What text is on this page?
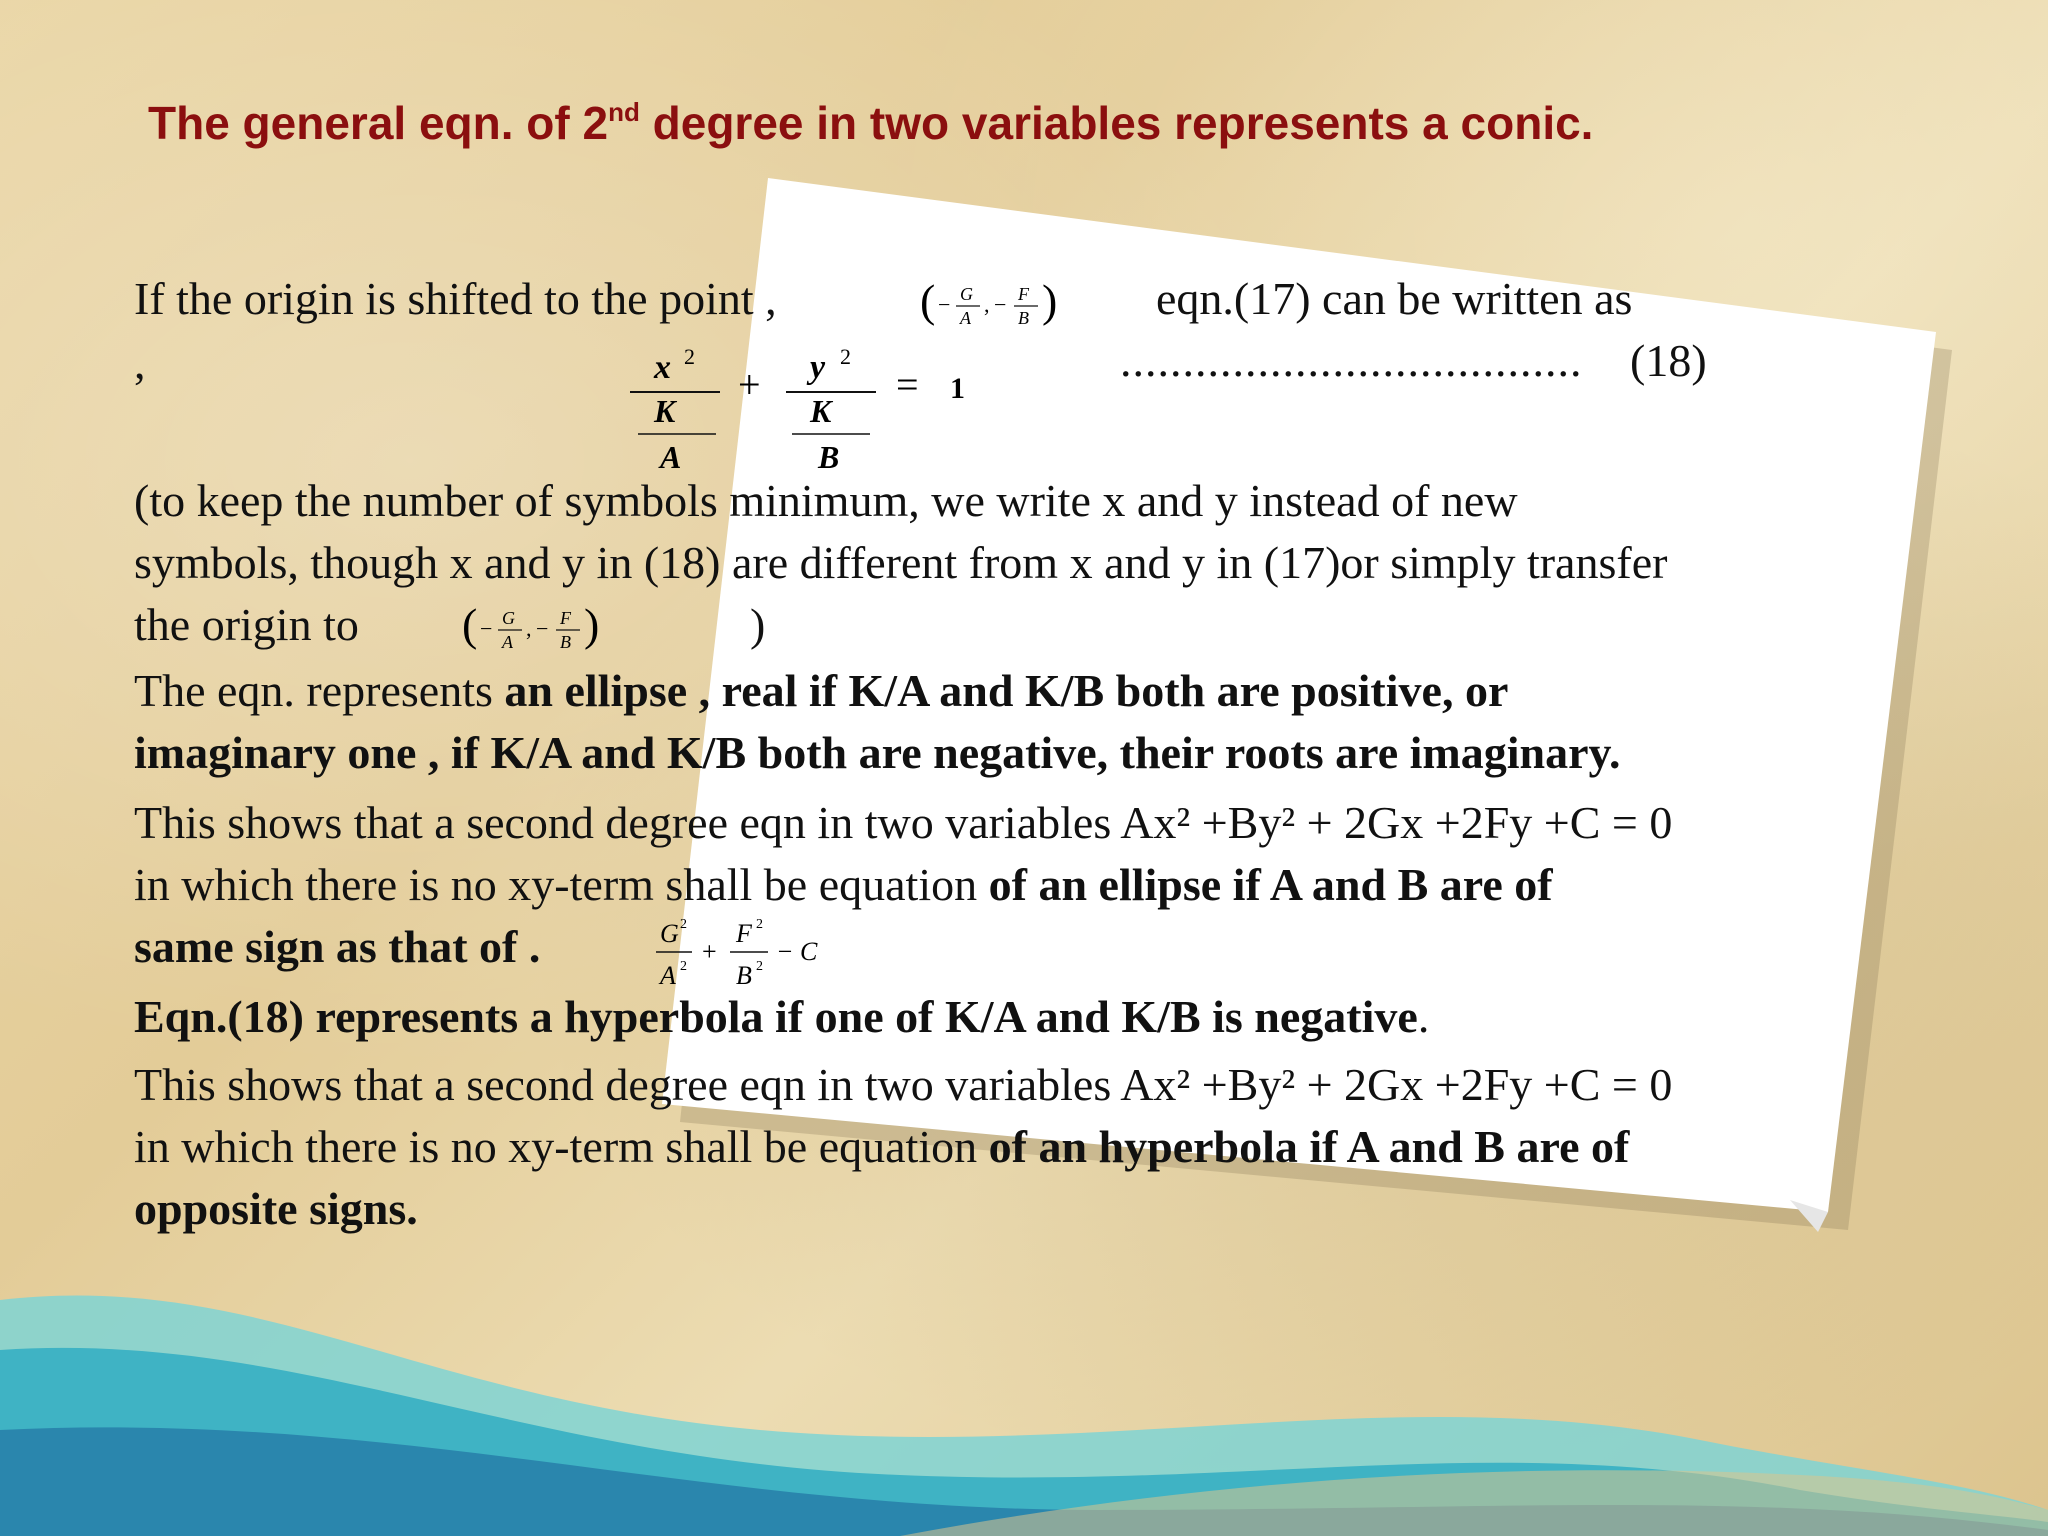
The general eqn. of 2nd degree in two variables represents a conic.
If the origin is shifted to the point ,	( − G
A
, − F
B ) eqn.(17) can be written as
,	x 2
K
A
+ y 2
K
B
= 1
..................................... (18)
(to keep the number of symbols minimum, we write x and y instead of new
symbols, though x and y in (18) are different from x and y in (17)or simply transfer
the origin to ( − G
A
, − F
B )	)
The eqn. represents an ellipse , real if K/A and K/B both are positive, or
imaginary one , if K/A and K/B both are negative, their roots are imaginary.
This shows that a second degree eqn in two variables Ax² +By² + 2Gx +2Fy +C = 0
in which there is no xy-term shall be equation of an ellipse if A and B are of
same sign as that of .	G 2
A 2
+
F 2
B 2
− C
Eqn.(18) represents a hyperbola if one of K/A and K/B is negative.
This shows that a second degree eqn in two variables Ax² +By² + 2Gx +2Fy +C = 0
in which there is no xy-term shall be equation of an hyperbola if A and B are of
opposite signs.
